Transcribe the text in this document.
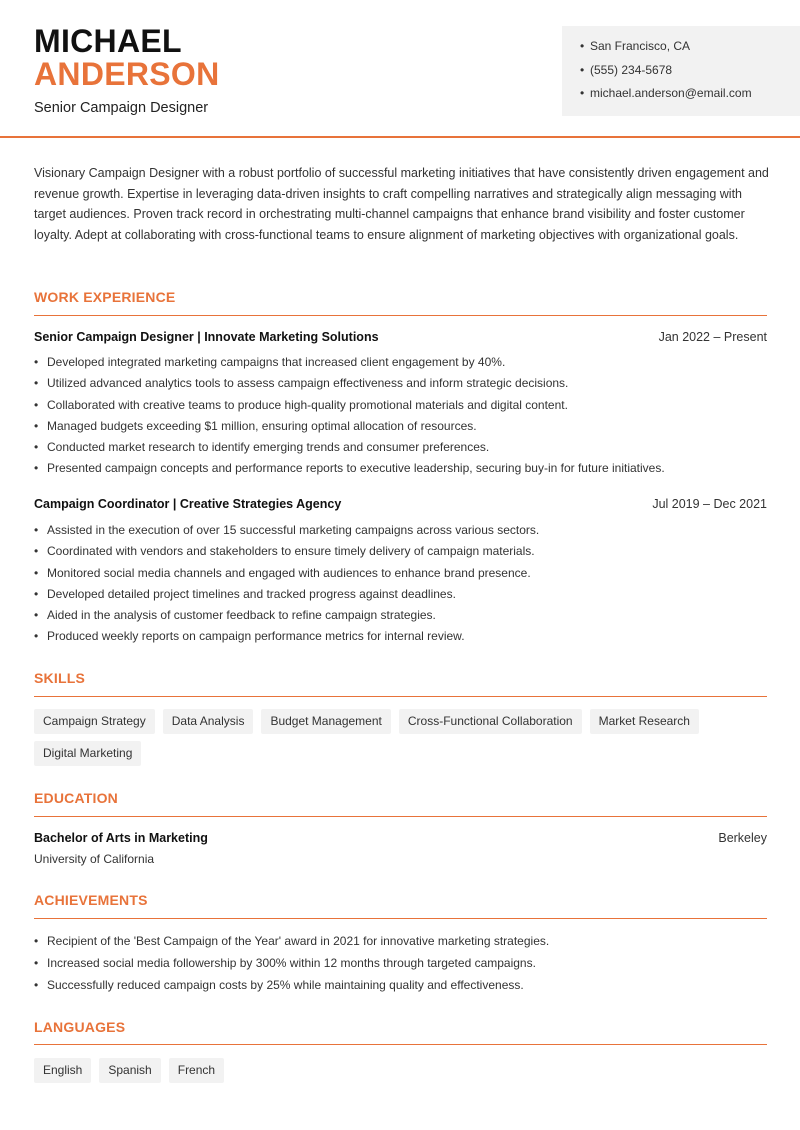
MICHAEL
ANDERSON
Senior Campaign Designer
• San Francisco, CA
• (555) 234-5678
• michael.anderson@email.com

Visionary Campaign Designer with a robust portfolio of successful marketing initiatives that have consistently driven engagement and revenue growth. Expertise in leveraging data-driven insights to craft compelling narratives and strategically align messaging with target audiences. Proven track record in orchestrating multi-channel campaigns that enhance brand visibility and foster customer loyalty. Adept at collaborating with cross-functional teams to ensure alignment of marketing objectives with organizational goals.

WORK EXPERIENCE
Senior Campaign Designer | Innovate Marketing Solutions	Jan 2022 – Present
• Developed integrated marketing campaigns that increased client engagement by 40%.
• Utilized advanced analytics tools to assess campaign effectiveness and inform strategic decisions.
• Collaborated with creative teams to produce high-quality promotional materials and digital content.
• Managed budgets exceeding $1 million, ensuring optimal allocation of resources.
• Conducted market research to identify emerging trends and consumer preferences.
• Presented campaign concepts and performance reports to executive leadership, securing buy-in for future initiatives.
Campaign Coordinator | Creative Strategies Agency	Jul 2019 – Dec 2021
• Assisted in the execution of over 15 successful marketing campaigns across various sectors.
• Coordinated with vendors and stakeholders to ensure timely delivery of campaign materials.
• Monitored social media channels and engaged with audiences to enhance brand presence.
• Developed detailed project timelines and tracked progress against deadlines.
• Aided in the analysis of customer feedback to refine campaign strategies.
• Produced weekly reports on campaign performance metrics for internal review.
SKILLS
Campaign Strategy	Data Analysis	Budget Management	Cross-Functional Collaboration	Market Research
Digital Marketing
EDUCATION
Bachelor of Arts in Marketing	Berkeley
University of California
ACHIEVEMENTS
• Recipient of the 'Best Campaign of the Year' award in 2021 for innovative marketing strategies.
• Increased social media followership by 300% within 12 months through targeted campaigns.
• Successfully reduced campaign costs by 25% while maintaining quality and effectiveness.
LANGUAGES
English	Spanish	French
